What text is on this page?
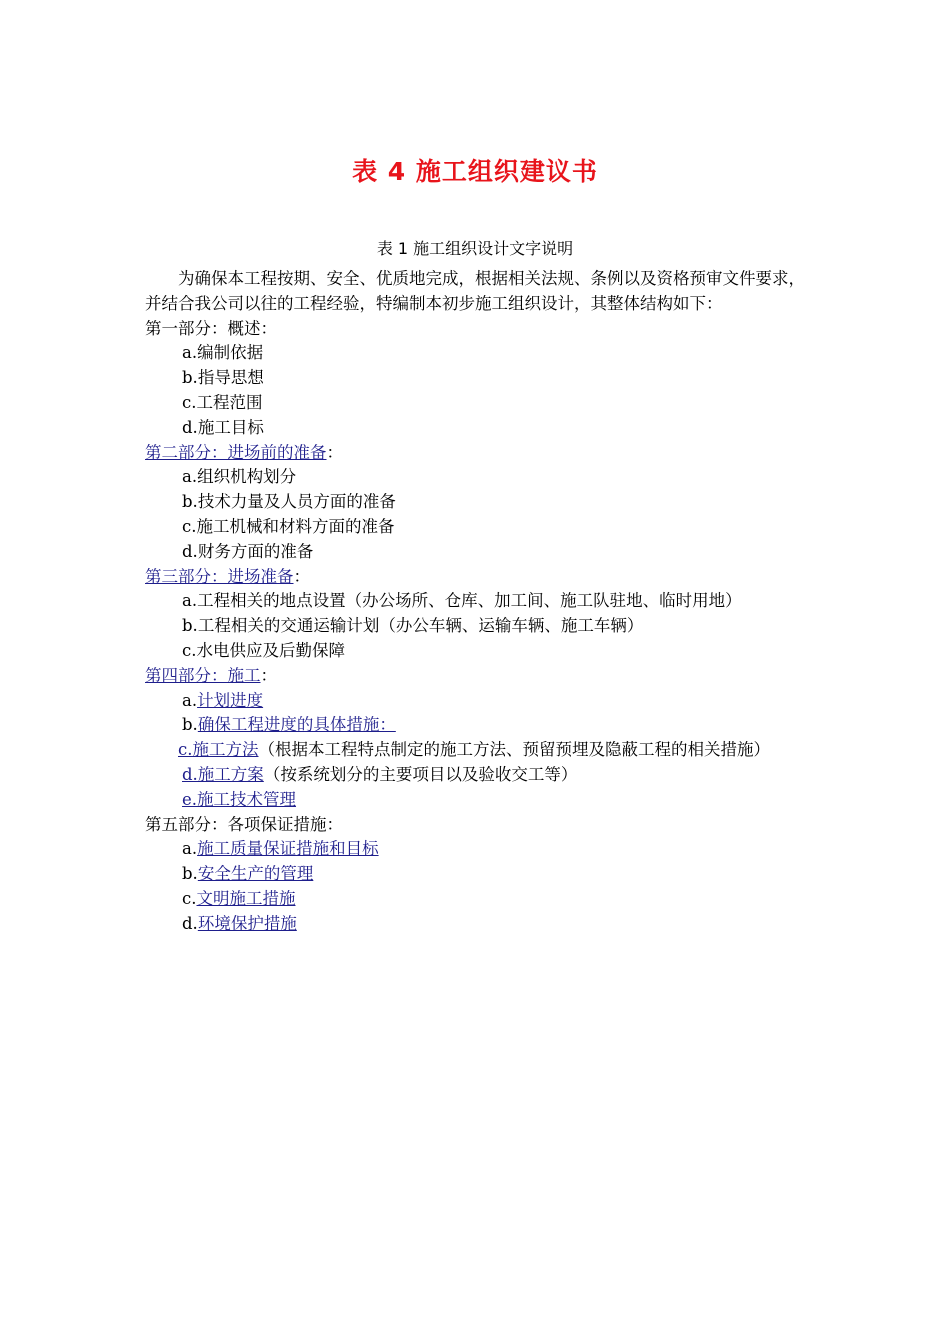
表 4 施工组织建议书
表 1 施工组织设计文字说明

为确保本工程按期、安全、优质地完成，根据相关法规、条例以及资格预审文件要求，并结合我公司以往的工程经验，特编制本初步施工组织设计，其整体结构如下：

第一部分：概述：

a.编制依据

b.指导思想

c.工程范围

d.施工目标

第二部分：进场前的准备：

a.组织机构划分

b.技术力量及人员方面的准备

c.施工机械和材料方面的准备

d.财务方面的准备

第三部分：进场准备：

a.工程相关的地点设置（办公场所、仓库、加工间、施工队驻地、临时用地）

b.工程相关的交通运输计划（办公车辆、运输车辆、施工车辆）

c.水电供应及后勤保障

第四部分：施工：

a.计划进度

b.确保工程进度的具体措施：

c.施工方法（根据本工程特点制定的施工方法、预留预埋及隐蔽工程的相关措施）

d.施工方案（按系统划分的主要项目以及验收交工等）

e.施工技术管理

第五部分：各项保证措施：

a.施工质量保证措施和目标

b.安全生产的管理

c.文明施工措施

d.环境保护措施
